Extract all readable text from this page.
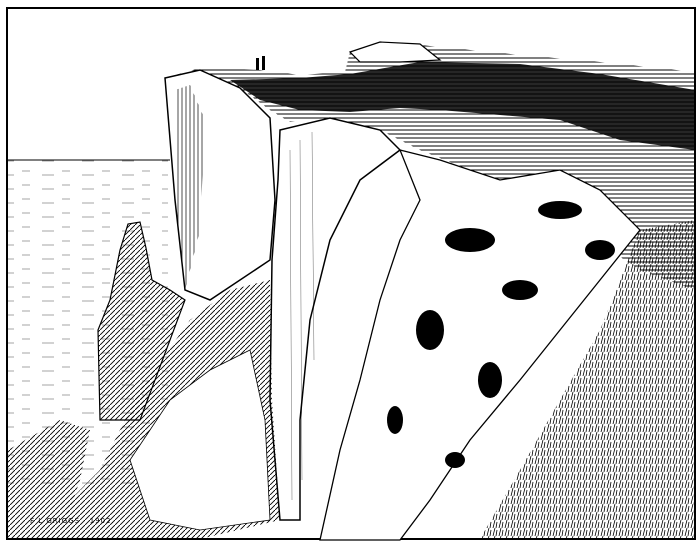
F L GRIGGS · 1902.
